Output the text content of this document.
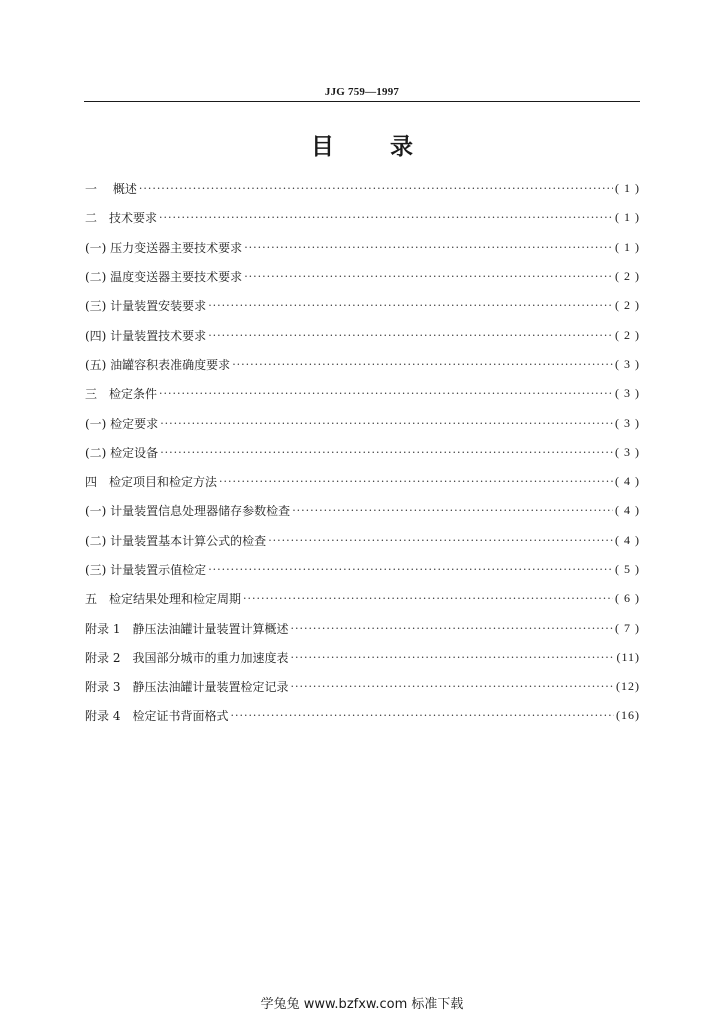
JJG 759—1997
目 录
一　 概述 ·····	( 1 )
二　技术要求 ·····	( 1 )
(一) 压力变送器主要技术要求 ·····	( 1 )
(二) 温度变送器主要技术要求 ·····	( 2 )
(三) 计量装置安装要求 ·····	( 2 )
(四) 计量装置技术要求 ·····	( 2 )
(五) 油罐容积表准确度要求 ·····	( 3 )
三　检定条件 ·····	( 3 )
(一) 检定要求 ·····	( 3 )
(二) 检定设备 ·····	( 3 )
四　检定项目和检定方法 ·····	( 4 )
(一) 计量装置信息处理器储存参数检查 ·····	( 4 )
(二) 计量装置基本计算公式的检查 ·····	( 4 )
(三) 计量装置示值检定 ·····	( 5 )
五　检定结果处理和检定周期 ·····	( 6 )
附录 1　静压法油罐计量装置计算概述 ·····	( 7 )
附录 2　我国部分城市的重力加速度表 ·····	(11)
附录 3　静压法油罐计量装置检定记录 ·····	(12)
附录 4　检定证书背面格式 ·····	(16)
学兔兔 www.bzfxw.com 标准下载
